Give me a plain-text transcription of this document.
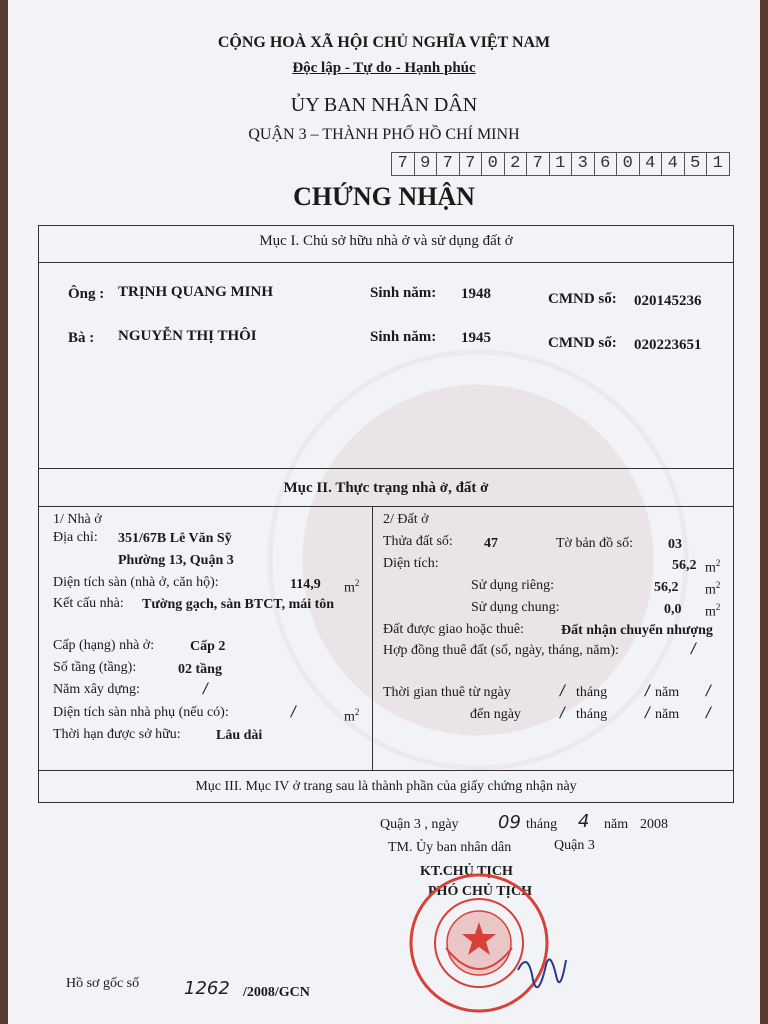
CỘNG HOÀ XÃ HỘI CHỦ NGHĨA VIỆT NAM
Độc lập - Tự do - Hạnh phúc
ỦY BAN NHÂN DÂN
QUẬN 3 – THÀNH PHỐ HỒ CHÍ MINH
7 9 7 7 0 2 7 1 3 6 0 4 4 5 1
CHỨNG NHẬN
Mục I. Chủ sở hữu nhà ở và sử dụng đất ở
Ông : TRỊNH QUANG MINH	Sinh năm: 1948	CMND số: 020145236
Bà : NGUYỄN THỊ THÔI	Sinh năm: 1945	CMND số: 020223651
Mục II. Thực trạng nhà ở, đất ở
1/ Nhà ở
Địa chỉ: 351/67B Lê Văn Sỹ
Phường 13, Quận 3
Diện tích sàn (nhà ở, căn hộ):	114,9 $m^2$
Kết cấu nhà: Tường gạch, sàn BTCT, mái tôn
Cấp (hạng) nhà ở:	Cấp 2
Số tầng (tầng):	02 tầng
Năm xây dựng:	/
Diện tích sàn nhà phụ (nếu có):	/	$m^2$
Thời hạn được sở hữu:	Lâu dài
2/ Đất ở
Thửa đất số: 47	Tờ bản đồ số: 03
Diện tích:	56,2 $m^2$
Sử dụng riêng:	56,2 $m^2$
Sử dụng chung:	0,0 $m^2$
Đất được giao hoặc thuê:	Đất nhận chuyển nhượng
Hợp đồng thuê đất (số, ngày, tháng, năm):	/
Thời gian thuê từ ngày	/ tháng	/ năm /
đến ngày	/ tháng	/ năm /
Mục III. Mục IV ở trang sau là thành phần của giấy chứng nhận này
Quận 3 , ngày 09 tháng 4 năm 2008
TM. Ủy ban nhân dân	Quận 3
KT.CHỦ TỊCH
PHÓ CHỦ TỊCH
Hồ sơ gốc số 1262 /2008/GCN
